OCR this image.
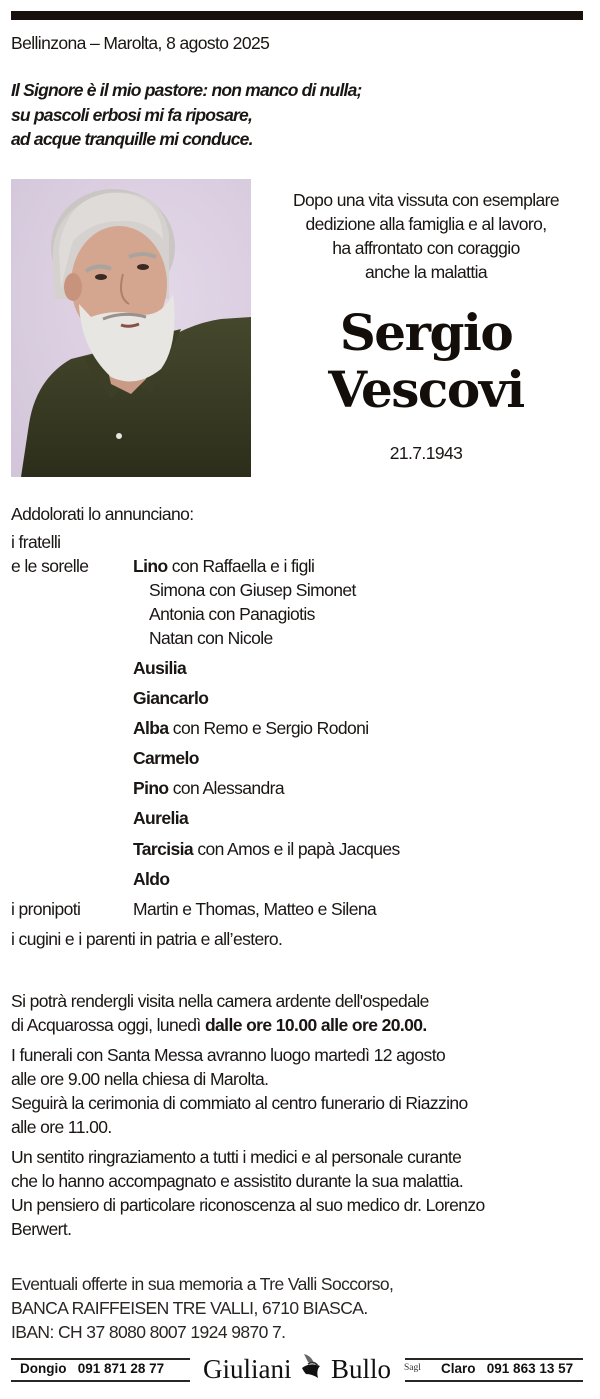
Bellinzona – Marolta, 8 agosto 2025
Il Signore è il mio pastore: non manco di nulla;
su pascoli erbosi mi fa riposare,
ad acque tranquille mi conduce.
Dopo una vita vissuta con esemplare
dedizione alla famiglia e al lavoro,
ha affrontato con coraggio
anche la malattia
Sergio
Vescovi
21.7.1943
Addolorati lo annunciano:
i fratelli
e le sorelle	Lino con Raffaella e i figli
Simona con Giusep Simonet
Antonia con Panagiotis
Natan con Nicole
Ausilia
Giancarlo
Alba con Remo e Sergio Rodoni
Carmelo
Pino con Alessandra
Aurelia
Tarcisia con Amos e il papà Jacques
Aldo
i pronipoti	Martin e Thomas, Matteo e Silena
i cugini e i parenti in patria e all’estero.
Si potrà rendergli visita nella camera ardente dell'ospedale
di Acquarossa oggi, lunedì dalle ore 10.00 alle ore 20.00.
I funerali con Santa Messa avranno luogo martedì 12 agosto
alle ore 9.00 nella chiesa di Marolta.
Seguirà la cerimonia di commiato al centro funerario di Riazzino
alle ore 11.00.
Un sentito ringraziamento a tutti i medici e al personale curante
che lo hanno accompagnato e assistito durante la sua malattia.
Un pensiero di particolare riconoscenza al suo medico dr. Lorenzo
Berwert.
Eventuali offerte in sua memoria a Tre Valli Soccorso,
BANCA RAIFFEISEN TRE VALLI, 6710 BIASCA.
IBAN: CH 37 8080 8007 1924 9870 7.
Dongio 091 871 28 77 Giuliani Bullo Sagl Claro 091 863 13 57
